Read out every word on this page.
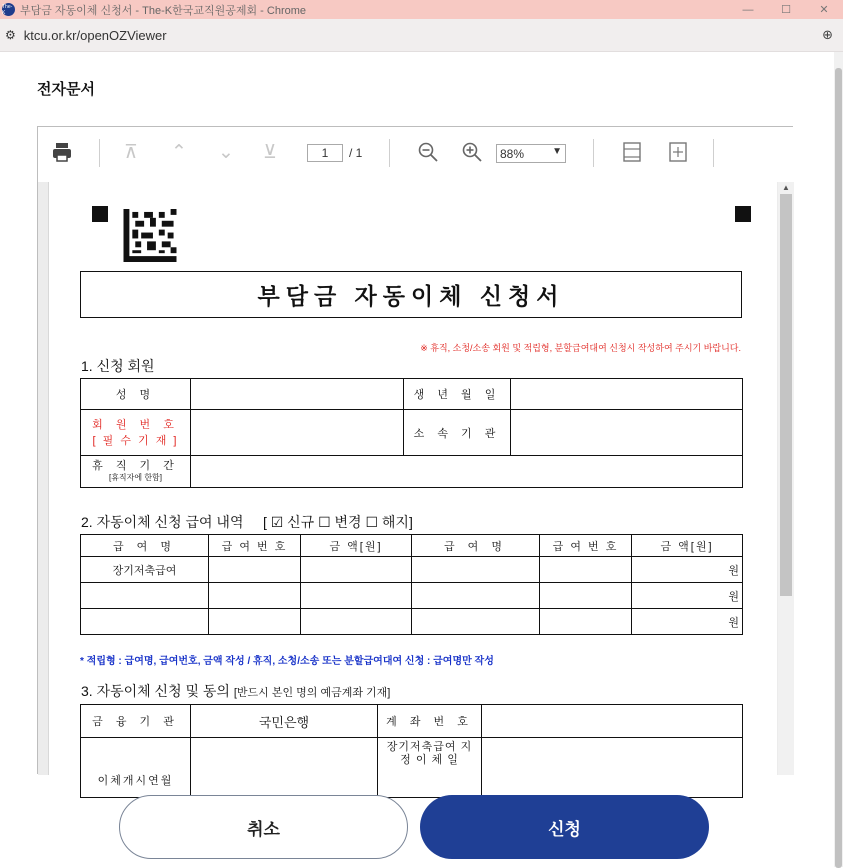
The-K	부담금 자동이체 신청서 - The-K한국교직원공제회 - Chrome	—	☐	✕
⚙ ktcu.or.kr/openOZViewer	⊕
전자문서
⊼ ⌃ ⌄ ⊻	1	/ 1	88%	▼
부담금 자동이체 신청서
※ 휴직, 소청/소송 회원 및 적립형, 분할급여대여 신청시 작성하여 주시기 바랍니다.
1. 신청 회원
성 명		생 년 월 일	

회 원 번 호
[ 필 수 기 재 ]		소 속 기 관	

휴 직 기 간
[휴직자에 한함]			

2. 자동이체 신청 급여 내역 [ ☑ 신규 ☐ 변경 ☐ 해지]
급 여 명	급 여 번 호	금 액[원]	급 여 명	급 여 번 호	금 액[원]
장기저축급여					원
					원
					원
* 적립형 : 급여명, 급여번호, 금액 작성 / 휴직, 소청/소송 또는 분할급여대여 신청 : 급여명만 작성
3. 자동이체 신청 및 동의 [반드시 본인 명의 예금계좌 기재]
금 융 기 관	국민은행	계 좌 번 호	
이체개시연월		장기저축급여 지 정 이 체 일	
▲
취소	신청
